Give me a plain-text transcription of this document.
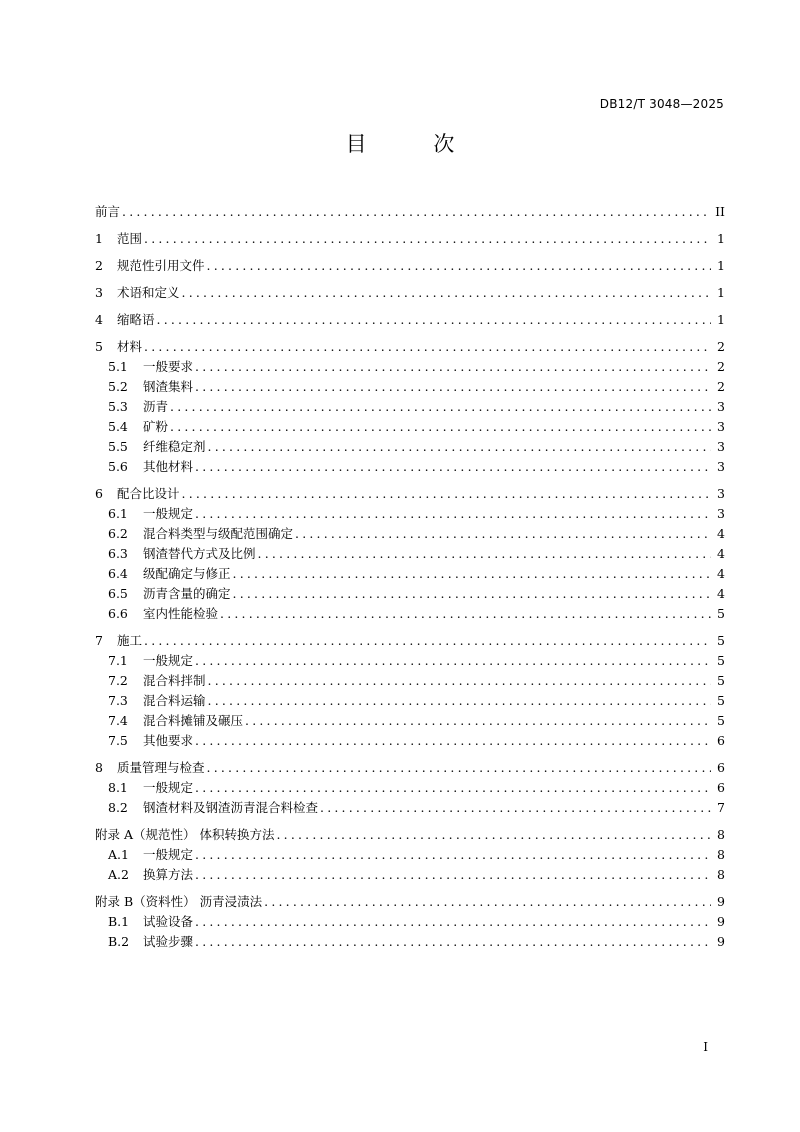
DB12/T 3048—2025
目 次
前言 .....	II
1	范围 .....	1
2	规范性引用文件 .....	1
3	术语和定义 .....	1
4	缩略语 .....	1
5	材料 .....	2
5.1	一般要求 .....	2
5.2	钢渣集料 .....	2
5.3	沥青 .....	3
5.4	矿粉 .....	3
5.5	纤维稳定剂 .....	3
5.6	其他材料 .....	3
6	配合比设计 .....	3
6.1	一般规定 .....	3
6.2	混合料类型与级配范围确定 .....	4
6.3	钢渣替代方式及比例 .....	4
6.4	级配确定与修正 .....	4
6.5	沥青含量的确定 .....	4
6.6	室内性能检验 .....	5
7	施工 .....	5
7.1	一般规定 .....	5
7.2	混合料拌制 .....	5
7.3	混合料运输 .....	5
7.4	混合料摊铺及碾压 .....	5
7.5	其他要求 .....	6
8	质量管理与检查 .....	6
8.1	一般规定 .....	6
8.2	钢渣材料及钢渣沥青混合料检查 .....	7
附录 A（规范性） 体积转换方法 .....	8
A.1	一般规定 .....	8
A.2	换算方法 .....	8
附录 B（资料性） 沥青浸渍法 .....	9
B.1	试验设备 .....	9
B.2	试验步骤 .....	9
I
